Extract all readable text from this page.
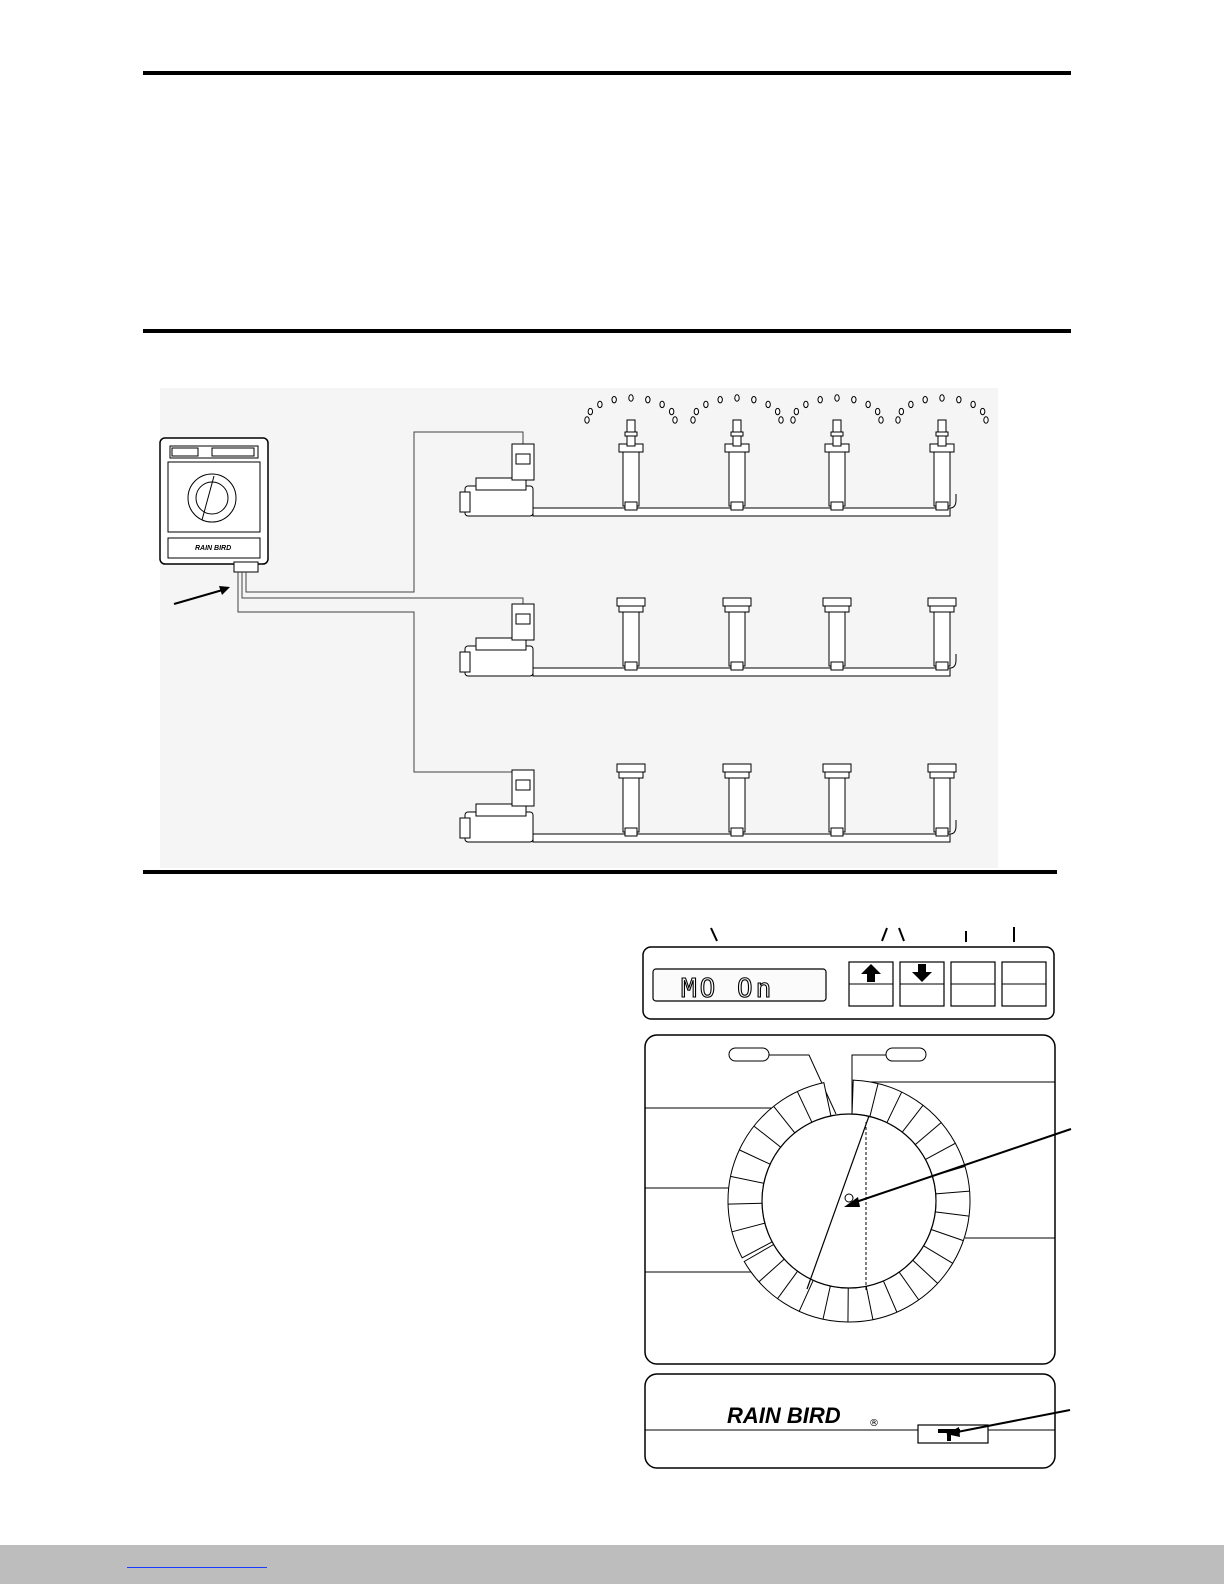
RAIN BIRD
MO On
RAIN BIRD	®
